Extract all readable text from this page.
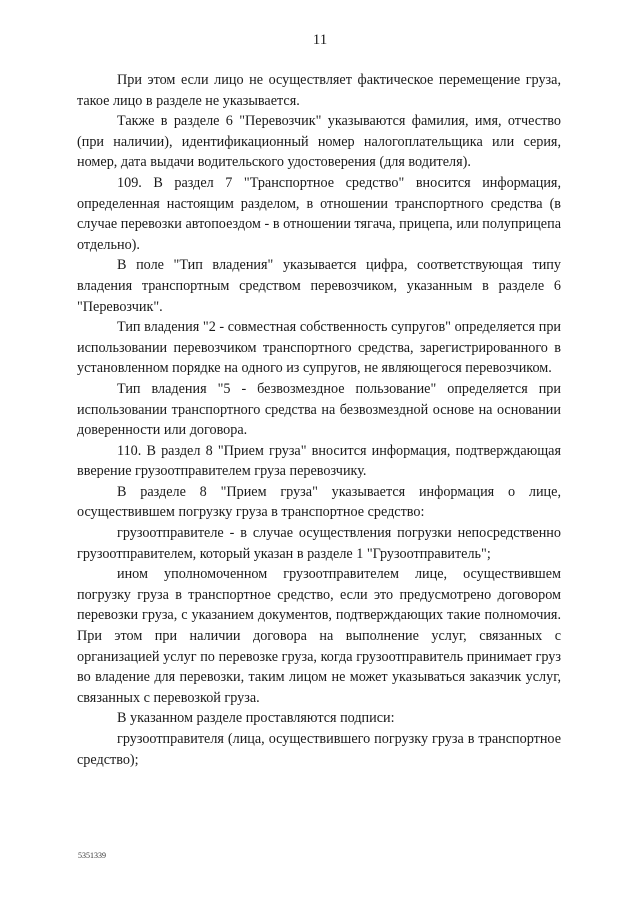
11

При этом если лицо не осуществляет фактическое перемещение груза, такое лицо в разделе не указывается.

Также в разделе 6 "Перевозчик" указываются фамилия, имя, отчество (при наличии), идентификационный номер налогоплательщика или серия, номер, дата выдачи водительского удостоверения (для водителя).

109. В раздел 7 "Транспортное средство" вносится информация, определенная настоящим разделом, в отношении транспортного средства (в случае перевозки автопоездом - в отношении тягача, прицепа, или полуприцепа отдельно).

В поле "Тип владения" указывается цифра, соответствующая типу владения транспортным средством перевозчиком, указанным в разделе 6 "Перевозчик".

Тип владения "2 - совместная собственность супругов" определяется при использовании перевозчиком транспортного средства, зарегистрированного в установленном порядке на одного из супругов, не являющегося перевозчиком.

Тип владения "5 - безвозмездное пользование" определяется при использовании транспортного средства на безвозмездной основе на основании доверенности или договора.

110. В раздел 8 "Прием груза" вносится информация, подтверждающая вверение грузоотправителем груза перевозчику.

В разделе 8 "Прием груза" указывается информация о лице, осуществившем погрузку груза в транспортное средство:

грузоотправителе - в случае осуществления погрузки непосредственно грузоотправителем, который указан в разделе 1 "Грузоотправитель";

ином уполномоченном грузоотправителем лице, осуществившем погрузку груза в транспортное средство, если это предусмотрено договором перевозки груза, с указанием документов, подтверждающих такие полномочия. При этом при наличии договора на выполнение услуг, связанных с организацией услуг по перевозке груза, когда грузоотправитель принимает груз во владение для перевозки, таким лицом не может указываться заказчик услуг, связанных с перевозкой груза.

В указанном разделе проставляются подписи:

грузоотправителя (лица, осуществившего погрузку груза в транспортное средство);

5351339
